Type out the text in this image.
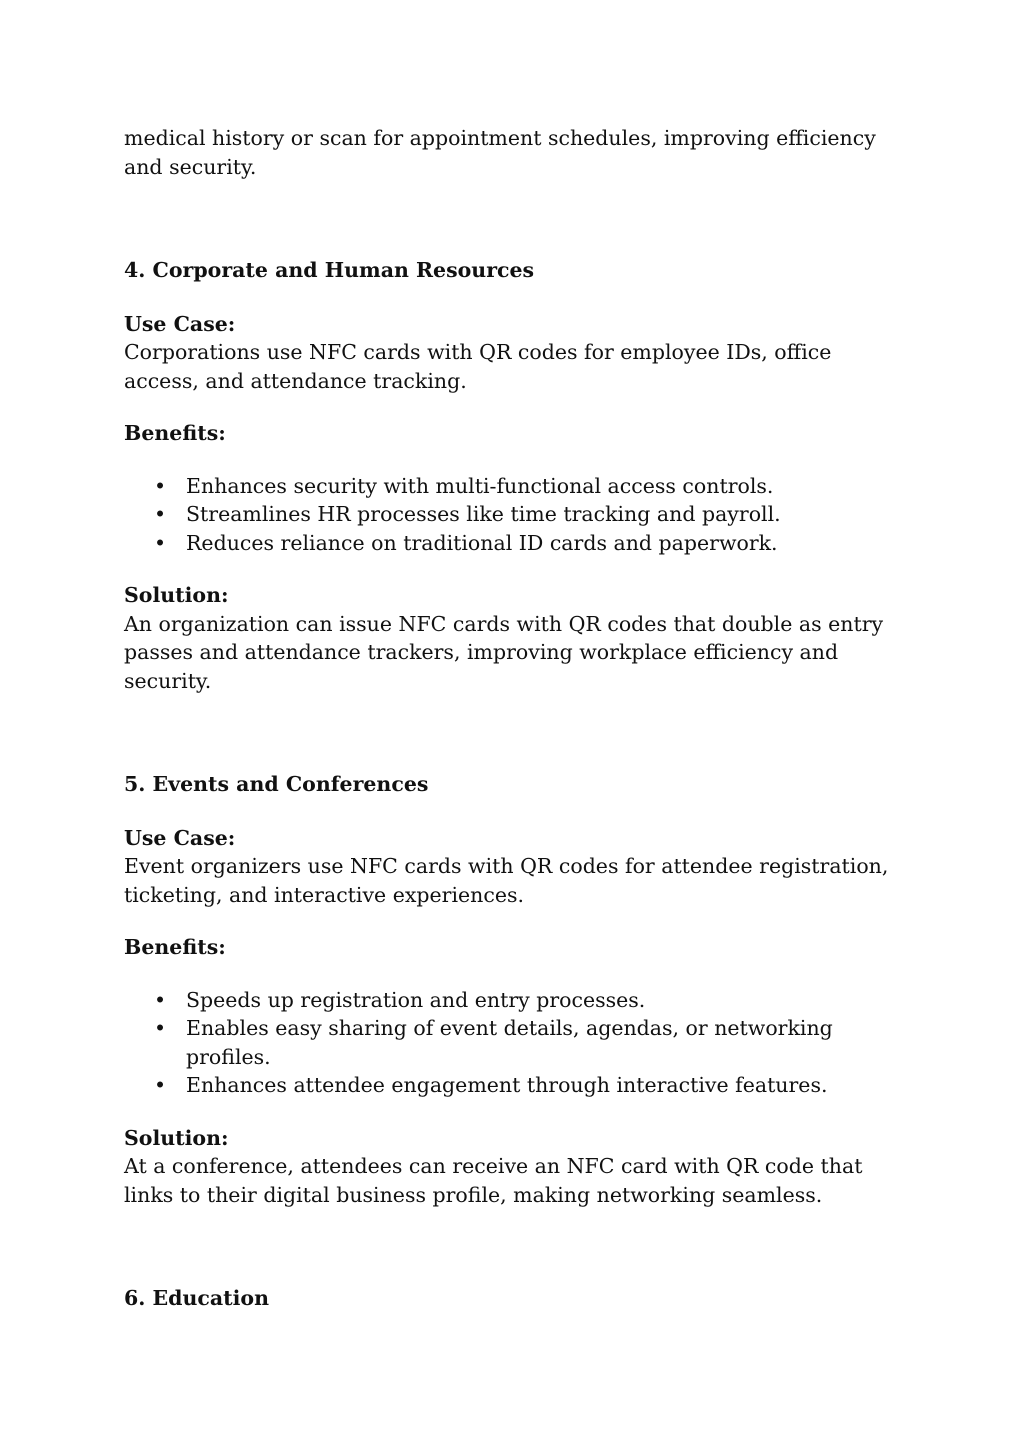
medical history or scan for appointment schedules, improving efficiency and security.

4. Corporate and Human Resources

Use Case:

Corporations use NFC cards with QR codes for employee IDs, office access, and attendance tracking.

Benefits:

• Enhances security with multi-functional access controls.
• Streamlines HR processes like time tracking and payroll.
• Reduces reliance on traditional ID cards and paperwork.

Solution:

An organization can issue NFC cards with QR codes that double as entry passes and attendance trackers, improving workplace efficiency and security.

5. Events and Conferences

Use Case:

Event organizers use NFC cards with QR codes for attendee registration, ticketing, and interactive experiences.

Benefits:

• Speeds up registration and entry processes.
• Enables easy sharing of event details, agendas, or networking profiles.
• Enhances attendee engagement through interactive features.

Solution:

At a conference, attendees can receive an NFC card with QR code that links to their digital business profile, making networking seamless.

6. Education
